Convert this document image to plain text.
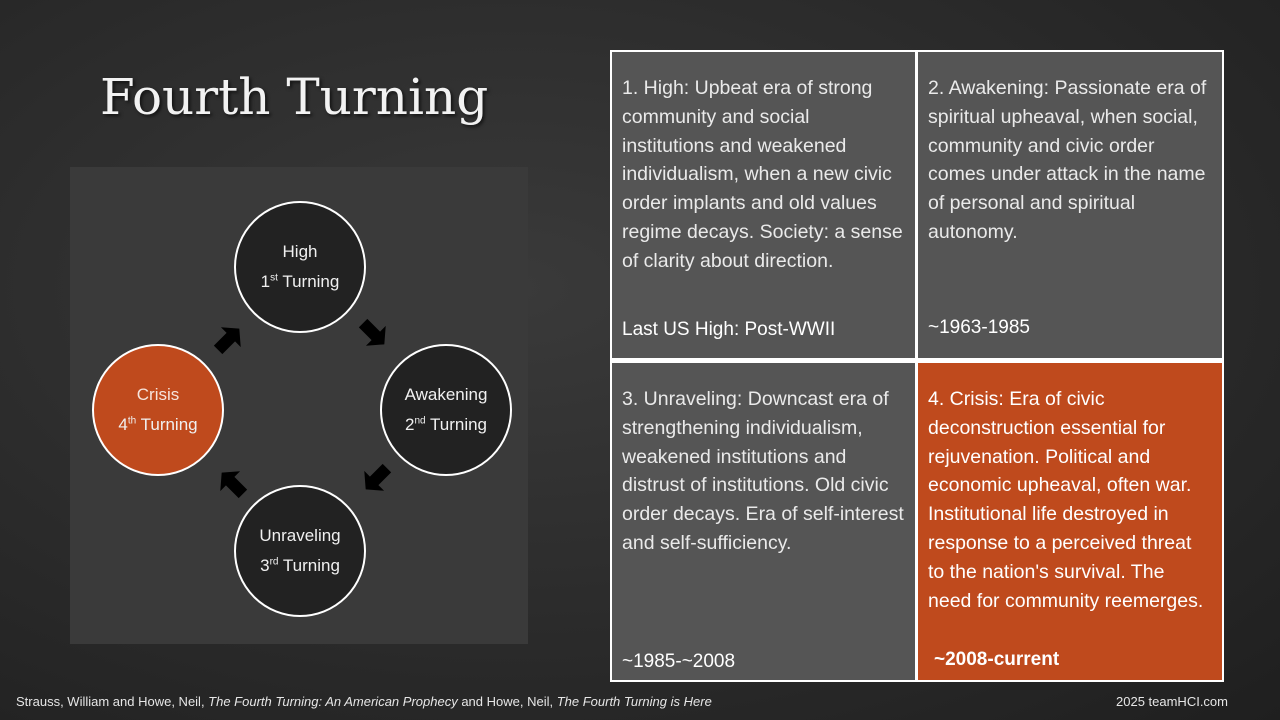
Fourth Turning
High
1st Turning
Awakening
2nd Turning
Unraveling
3rd Turning
Crisis
4th Turning
1. High: Upbeat era of strong community and social institutions and weakened individualism, when a new civic order implants and old values regime decays. Society: a sense of clarity about direction.
Last US High: Post-WWII
2. Awakening: Passionate era of spiritual upheaval, when social, community and civic order comes under attack in the name of personal and spiritual autonomy.
~1963-1985
3. Unraveling: Downcast era of strengthening individualism, weakened institutions and distrust of institutions. Old civic order decays. Era of self-interest and self-sufficiency.
~1985-~2008
4. Crisis: Era of civic deconstruction essential for rejuvenation. Political and economic upheaval, often war. Institutional life destroyed in response to a perceived threat to the nation's survival. The need for community reemerges.
~2008-current
Strauss, William and Howe, Neil, The Fourth Turning: An American Prophecy and Howe, Neil, The Fourth Turning is Here	2025 teamHCI.com
